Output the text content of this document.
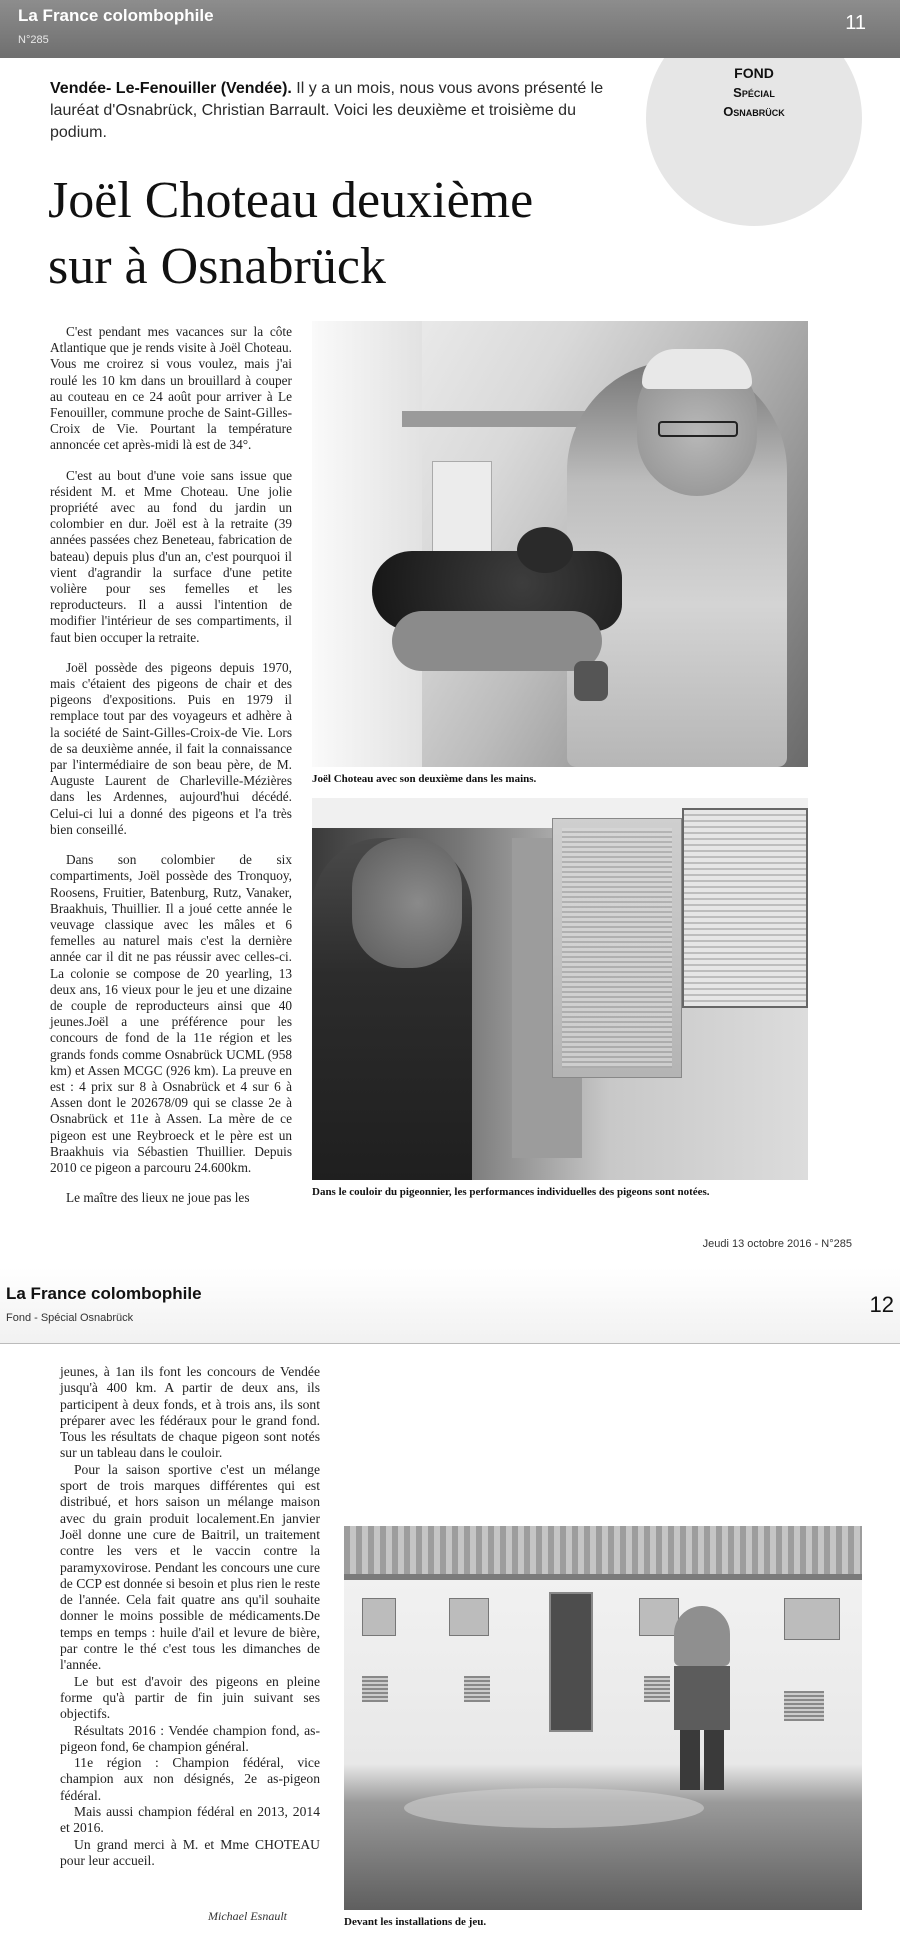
La France colombophile
N°285
11
FOND
Spécial
Osnabrück
Vendée- Le-Fenouiller (Vendée). Il y a un mois, nous vous avons présenté le lauréat d'Osnabrück, Christian Barrault. Voici les deuxième et troisième du podium.
Joël Choteau deuxième
sur à Osnabrück

C'est pendant mes vacances sur la côte Atlantique que je rends visite à Joël Choteau. Vous me croirez si vous voulez, mais j'ai roulé les 10 km dans un brouillard à couper au couteau en ce 24 août pour arriver à Le Fenouiller, commune proche de Saint-Gilles-Croix de Vie. Pourtant la température annoncée cet après-midi là est de 34°.

C'est au bout d'une voie sans issue que résident M. et Mme Choteau. Une jolie propriété avec au fond du jardin un colombier en dur. Joël est à la retraite (39 années passées chez Beneteau, fabrication de bateau) depuis plus d'un an, c'est pourquoi il vient d'agrandir la surface d'une petite volière pour ses femelles et les reproducteurs. Il a aussi l'intention de modifier l'intérieur de ses compartiments, il faut bien occuper la retraite.

Joël possède des pigeons depuis 1970, mais c'étaient des pigeons de chair et des pigeons d'expositions. Puis en 1979 il remplace tout par des voyageurs et adhère à la société de Saint-Gilles-Croix-de Vie. Lors de sa deuxième année, il fait la connaissance par l'intermédiaire de son beau père, de M. Auguste Laurent de Charleville-Mézières dans les Ardennes, aujourd'hui décédé. Celui-ci lui a donné des pigeons et l'a très bien conseillé.

Dans son colombier de six compartiments, Joël possède des Tronquoy, Roosens, Fruitier, Batenburg, Rutz, Vanaker, Braakhuis, Thuillier. Il a joué cette année le veuvage classique avec les mâles et 6 femelles au naturel mais c'est la dernière année car il dit ne pas réussir avec celles-ci. La colonie se compose de 20 yearling, 13 deux ans, 16 vieux pour le jeu et une dizaine de couple de reproducteurs ainsi que 40 jeunes.Joël a une préférence pour les concours de fond de la 11e région et les grands fonds comme Osnabrück UCML (958 km) et Assen MCGC (926 km). La preuve en est : 4 prix sur 8 à Osnabrück et 4 sur 6 à Assen dont le 202678/09 qui se classe 2e à Osnabrück et 11e à Assen. La mère de ce pigeon est une Reybroeck et le père est un Braakhuis via Sébastien Thuillier. Depuis 2010 ce pigeon a parcouru 24.600km.

Le maître des lieux ne joue pas les

Joël Choteau avec son deuxième dans les mains.
Dans le couloir du pigeonnier, les performances individuelles des pigeons sont notées.
Jeudi 13 octobre 2016 - N°285
La France colombophile
Fond - Spécial Osnabrück
12

jeunes, à 1an ils font les concours de Vendée jusqu'à 400 km. A partir de deux ans, ils participent à deux fonds, et à trois ans, ils sont préparer avec les fédéraux pour le grand fond. Tous les résultats de chaque pigeon sont notés sur un tableau dans le couloir.

Pour la saison sportive c'est un mélange sport de trois marques différentes qui est distribué, et hors saison un mélange maison avec du grain produit localement.En janvier Joël donne une cure de Baitril, un traitement contre les vers et le vaccin contre la paramyxovirose. Pendant les concours une cure de CCP est donnée si besoin et plus rien le reste de l'année. Cela fait quatre ans qu'il souhaite donner le moins possible de médicaments.De temps en temps : huile d'ail et levure de bière, par contre le thé c'est tous les dimanches de l'année.

Le but est d'avoir des pigeons en pleine forme qu'à partir de fin juin suivant ses objectifs.

Résultats 2016 : Vendée champion fond, as-pigeon fond, 6e champion général.

11e région : Champion fédéral, vice champion aux non désignés, 2e as-pigeon fédéral.

Mais aussi champion fédéral en 2013, 2014 et 2016.

Un grand merci à M. et Mme CHOTEAU pour leur accueil.

Michael Esnault	Devant les installations de jeu.
